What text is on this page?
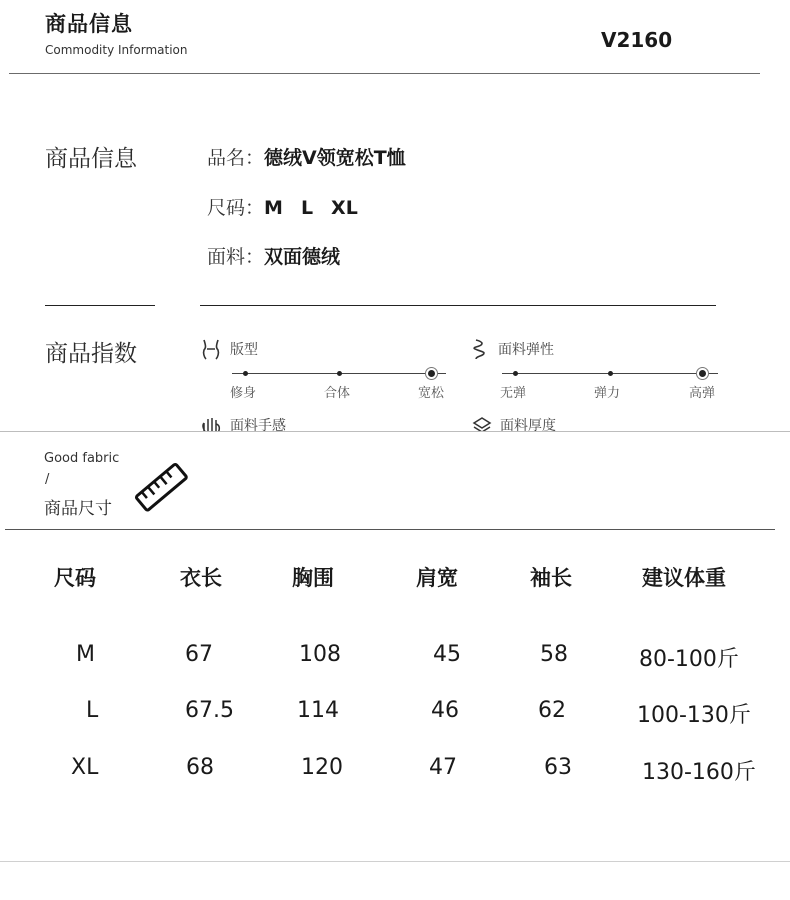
商品信息
Commodity Information	V2160
商品信息	品名：德绒V领宽松T恤
尺码：M L XL
面料：双面德绒
商品指数	版型
修身	合体	宽松
面料弹性
无弹	弹力	高弹
面料手感	面料厚度
Good fabric
/
商品尺寸
尺码	衣长	胸围	肩宽	袖长	建议体重
M	67	108	45	58	80-100斤
L	67.5	114	46	62	100-130斤
XL	68	120	47	63	130-160斤
